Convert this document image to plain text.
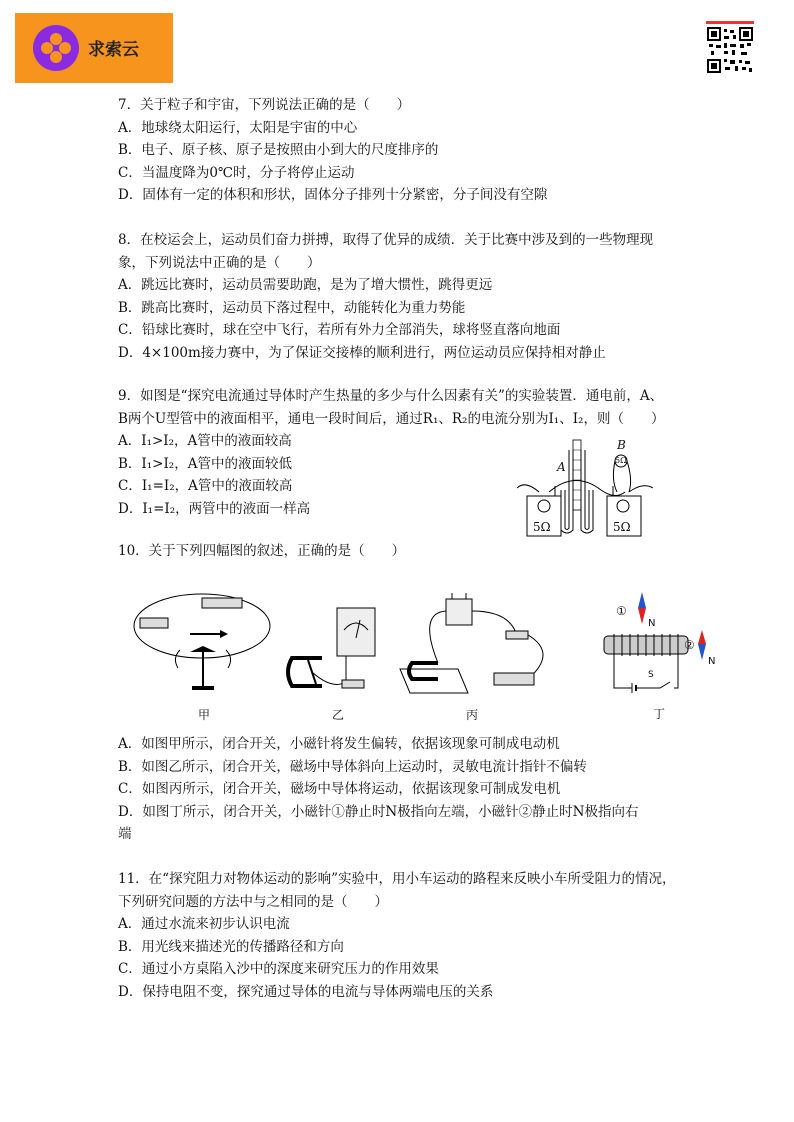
求索云

7．关于粒子和宇宙，下列说法正确的是（　　）

A．地球绕太阳运行，太阳是宇宙的中心

B．电子、原子核、原子是按照由小到大的尺度排序的

C．当温度降为0℃时，分子将停止运动

D．固体有一定的体积和形状，固体分子排列十分紧密，分子间没有空隙

8．在校运会上，运动员们奋力拼搏，取得了优异的成绩．关于比赛中涉及到的一些物理现

象，下列说法中正确的是（　　）

A．跳远比赛时，运动员需要助跑，是为了增大惯性，跳得更远

B．跳高比赛时，运动员下落过程中，动能转化为重力势能

C．铅球比赛时，球在空中飞行，若所有外力全部消失，球将竖直落向地面

D．4×100m接力赛中，为了保证交接棒的顺利进行，两位运动员应保持相对静止

9．如图是“探究电流通过导体时产生热量的多少与什么因素有关”的实验装置．通电前，A、

B两个U型管中的液面相平，通电一段时间后，通过R₁、R₂的电流分别为I₁、I₂，则（　　）

A．I₁>I₂，A管中的液面较高

B．I₁>I₂，A管中的液面较低

C．I₁=I₂，A管中的液面较高

D．I₁=I₂，两管中的液面一样高

A
B
5Ω
5Ω	5Ω

10．关于下列四幅图的叙述，正确的是（　　）

甲	乙	丙
①
N
②
N
S
丁

A．如图甲所示，闭合开关，小磁针将发生偏转，依据该现象可制成电动机

B．如图乙所示，闭合开关，磁场中导体斜向上运动时，灵敏电流计指针不偏转

C．如图丙所示，闭合开关，磁场中导体将运动，依据该现象可制成发电机

D．如图丁所示，闭合开关，小磁针①静止时N极指向左端，小磁针②静止时N极指向右

端

11．在“探究阻力对物体运动的影响”实验中，用小车运动的路程来反映小车所受阻力的情况，

下列研究问题的方法中与之相同的是（　　）

A．通过水流来初步认识电流

B．用光线来描述光的传播路径和方向

C．通过小方桌陷入沙中的深度来研究压力的作用效果

D．保持电阻不变，探究通过导体的电流与导体两端电压的关系
